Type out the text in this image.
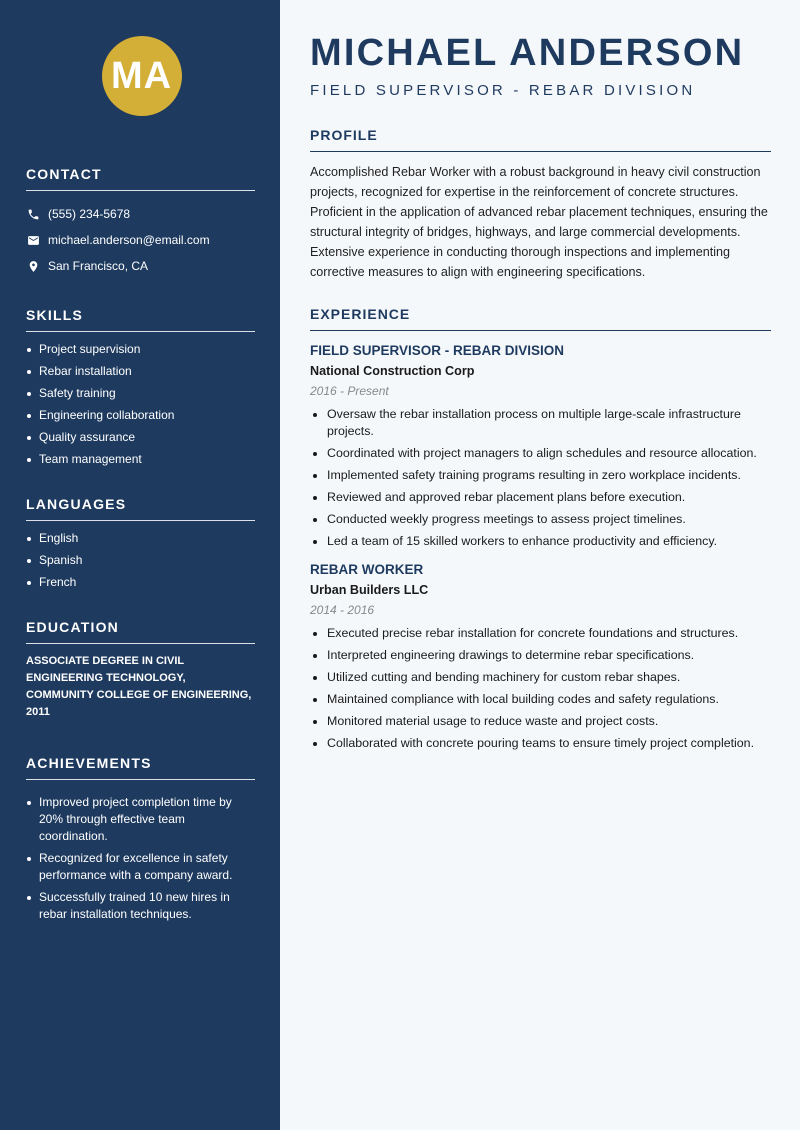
MA
CONTACT
(555) 234-5678
michael.anderson@email.com
San Francisco, CA
SKILLS
Project supervision
Rebar installation
Safety training
Engineering collaboration
Quality assurance
Team management
LANGUAGES
English
Spanish
French
EDUCATION
ASSOCIATE DEGREE IN CIVIL ENGINEERING TECHNOLOGY, COMMUNITY COLLEGE OF ENGINEERING, 2011
ACHIEVEMENTS
Improved project completion time by 20% through effective team coordination.
Recognized for excellence in safety performance with a company award.
Successfully trained 10 new hires in rebar installation techniques.
MICHAEL ANDERSON
FIELD SUPERVISOR - REBAR DIVISION
PROFILE

Accomplished Rebar Worker with a robust background in heavy civil construction projects, recognized for expertise in the reinforcement of concrete structures. Proficient in the application of advanced rebar placement techniques, ensuring the structural integrity of bridges, highways, and large commercial developments. Extensive experience in conducting thorough inspections and implementing corrective measures to align with engineering specifications.

EXPERIENCE
FIELD SUPERVISOR - REBAR DIVISION
National Construction Corp
2016 - Present
Oversaw the rebar installation process on multiple large-scale infrastructure projects.
Coordinated with project managers to align schedules and resource allocation.
Implemented safety training programs resulting in zero workplace incidents.
Reviewed and approved rebar placement plans before execution.
Conducted weekly progress meetings to assess project timelines.
Led a team of 15 skilled workers to enhance productivity and efficiency.
REBAR WORKER
Urban Builders LLC
2014 - 2016
Executed precise rebar installation for concrete foundations and structures.
Interpreted engineering drawings to determine rebar specifications.
Utilized cutting and bending machinery for custom rebar shapes.
Maintained compliance with local building codes and safety regulations.
Monitored material usage to reduce waste and project costs.
Collaborated with concrete pouring teams to ensure timely project completion.
